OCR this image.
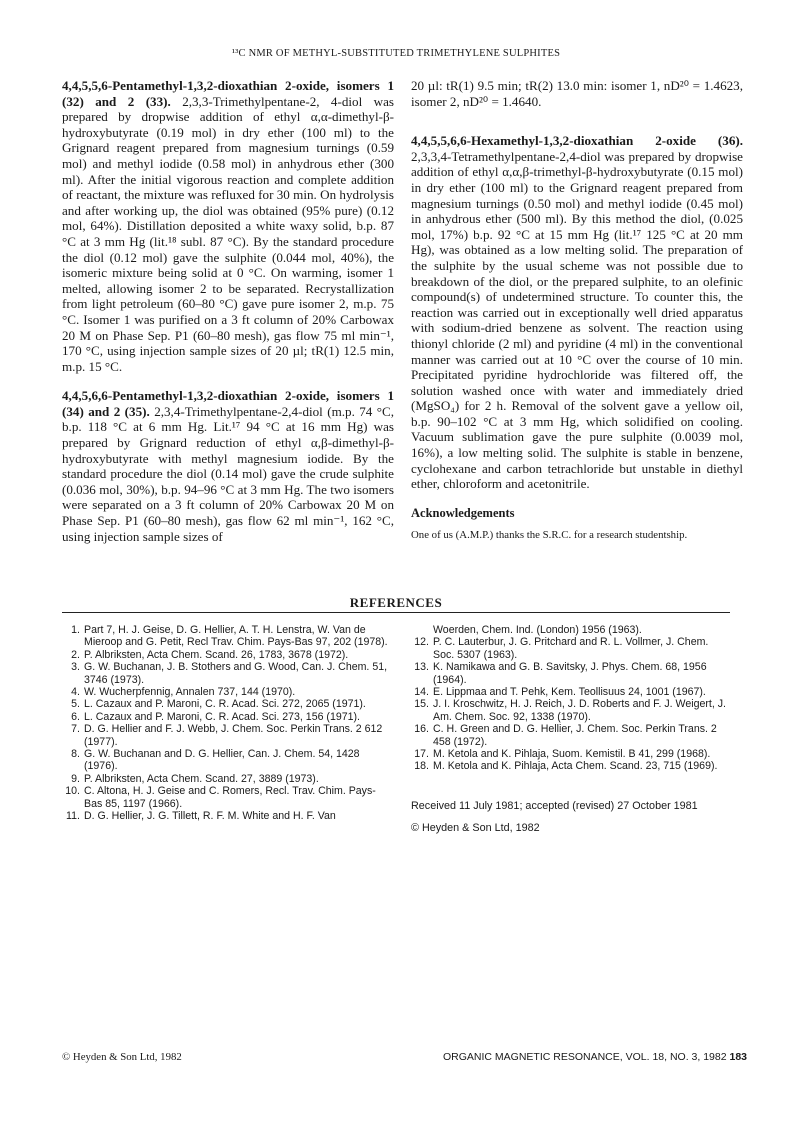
¹³C NMR OF METHYL-SUBSTITUTED TRIMETHYLENE SULPHITES

4,4,5,5,6-Pentamethyl-1,3,2-dioxathian 2-oxide, isomers 1 (32) and 2 (33). 2,3,3-Trimethylpentane-2, 4-diol was prepared by dropwise addition of ethyl α,α-dimethyl-β-hydroxybutyrate (0.19 mol) in dry ether (100 ml) to the Grignard reagent prepared from magnesium turnings (0.59 mol) and methyl iodide (0.58 mol) in anhydrous ether (300 ml). After the initial vigorous reaction and complete addition of reactant, the mixture was refluxed for 30 min. On hydrolysis and after working up, the diol was obtained (95% pure) (0.12 mol, 64%). Distillation deposited a white waxy solid, b.p. 87 °C at 3 mm Hg (lit.¹⁸ subl. 87 °C). By the standard procedure the diol (0.12 mol) gave the sulphite (0.044 mol, 40%), the isomeric mixture being solid at 0 °C. On warming, isomer 1 melted, allowing isomer 2 to be separated. Recrystallization from light petroleum (60–80 °C) gave pure isomer 2, m.p. 75 °C. Isomer 1 was purified on a 3 ft column of 20% Carbowax 20 M on Phase Sep. P1 (60–80 mesh), gas flow 75 ml min⁻¹, 170 °C, using injection sample sizes of 20 µl; tR(1) 12.5 min, m.p. 15 °C.

4,4,5,6,6-Pentamethyl-1,3,2-dioxathian 2-oxide, isomers 1 (34) and 2 (35). 2,3,4-Trimethylpentane-2,4-diol (m.p. 74 °C, b.p. 118 °C at 6 mm Hg. Lit.¹⁷ 94 °C at 16 mm Hg) was prepared by Grignard reduction of ethyl α,β-dimethyl-β-hydroxybutyrate with methyl magnesium iodide. By the standard procedure the diol (0.14 mol) gave the crude sulphite (0.036 mol, 30%), b.p. 94–96 °C at 3 mm Hg. The two isomers were separated on a 3 ft column of 20% Carbowax 20 M on Phase Sep. P1 (60–80 mesh), gas flow 62 ml min⁻¹, 162 °C, using injection sample sizes of

20 µl: tR(1) 9.5 min; tR(2) 13.0 min: isomer 1, nD²⁰ = 1.4623, isomer 2, nD²⁰ = 1.4640.

4,4,5,5,6,6-Hexamethyl-1,3,2-dioxathian 2-oxide (36). 2,3,3,4-Tetramethylpentane-2,4-diol was prepared by dropwise addition of ethyl α,α,β-trimethyl-β-hydroxybutyrate (0.15 mol) in dry ether (100 ml) to the Grignard reagent prepared from magnesium turnings (0.50 mol) and methyl iodide (0.45 mol) in anhydrous ether (500 ml). By this method the diol, (0.025 mol, 17%) b.p. 92 °C at 15 mm Hg (lit.¹⁷ 125 °C at 20 mm Hg), was obtained as a low melting solid. The preparation of the sulphite by the usual scheme was not possible due to breakdown of the diol, or the prepared sulphite, to an olefinic compound(s) of undetermined structure. To counter this, the reaction was carried out in exceptionally well dried apparatus with sodium-dried benzene as solvent. The reaction using thionyl chloride (2 ml) and pyridine (4 ml) in the conventional manner was carried out at 10 °C over the course of 10 min. Precipitated pyridine hydrochloride was filtered off, the solution washed once with water and immediately dried (MgSO₄) for 2 h. Removal of the solvent gave a yellow oil, b.p. 90–102 °C at 3 mm Hg, which solidified on cooling. Vacuum sublimation gave the pure sulphite (0.0039 mol, 16%), a low melting solid. The sulphite is stable in benzene, cyclohexane and carbon tetrachloride but unstable in diethyl ether, chloroform and acetonitrile.

Acknowledgements
One of us (A.M.P.) thanks the S.R.C. for a research studentship.
REFERENCES
1. Part 7, H. J. Geise, D. G. Hellier, A. T. H. Lenstra, W. Van de Mieroop and G. Petit, Recl Trav. Chim. Pays-Bas 97, 202 (1978).
2. P. Albriksten, Acta Chem. Scand. 26, 1783, 3678 (1972).
3. G. W. Buchanan, J. B. Stothers and G. Wood, Can. J. Chem. 51, 3746 (1973).
4. W. Wucherpfennig, Annalen 737, 144 (1970).
5. L. Cazaux and P. Maroni, C. R. Acad. Sci. 272, 2065 (1971).
6. L. Cazaux and P. Maroni, C. R. Acad. Sci. 273, 156 (1971).
7. D. G. Hellier and F. J. Webb, J. Chem. Soc. Perkin Trans. 2 612 (1977).
8. G. W. Buchanan and D. G. Hellier, Can. J. Chem. 54, 1428 (1976).
9. P. Albriksten, Acta Chem. Scand. 27, 3889 (1973).
10. C. Altona, H. J. Geise and C. Romers, Recl. Trav. Chim. Pays-Bas 85, 1197 (1966).
11. D. G. Hellier, J. G. Tillett, R. F. M. White and H. F. Van
Woerden, Chem. Ind. (London) 1956 (1963).
12. P. C. Lauterbur, J. G. Pritchard and R. L. Vollmer, J. Chem. Soc. 5307 (1963).
13. K. Namikawa and G. B. Savitsky, J. Phys. Chem. 68, 1956 (1964).
14. E. Lippmaa and T. Pehk, Kem. Teollisuus 24, 1001 (1967).
15. J. I. Kroschwitz, H. J. Reich, J. D. Roberts and F. J. Weigert, J. Am. Chem. Soc. 92, 1338 (1970).
16. C. H. Green and D. G. Hellier, J. Chem. Soc. Perkin Trans. 2 458 (1972).
17. M. Ketola and K. Pihlaja, Suom. Kemistil. B 41, 299 (1968).
18. M. Ketola and K. Pihlaja, Acta Chem. Scand. 23, 715 (1969).
Received 11 July 1981; accepted (revised) 27 October 1981
© Heyden & Son Ltd, 1982
© Heyden & Son Ltd, 1982	ORGANIC MAGNETIC RESONANCE, VOL. 18, NO. 3, 1982 183
